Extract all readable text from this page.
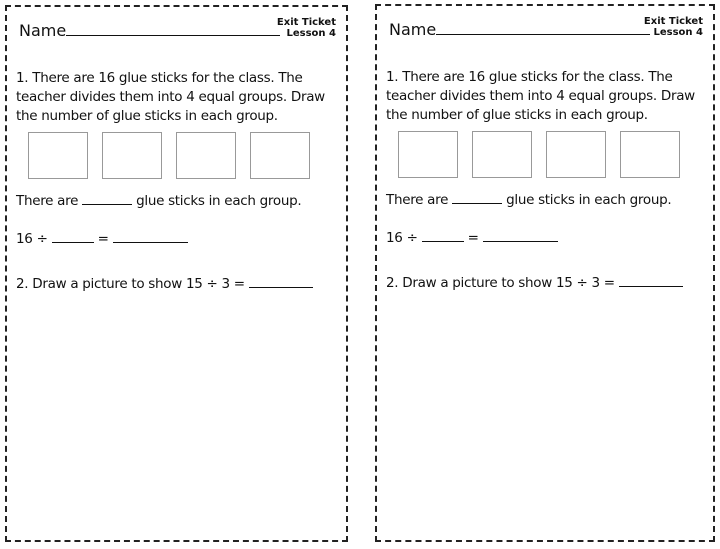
Name	Exit Ticket
Lesson 4
1. There are 16 glue sticks for the class. The teacher divides them into 4 equal groups. Draw the number of glue sticks in each group.
There are	glue sticks in each group.
16 ÷	=
2. Draw a picture to show 15 ÷ 3 =
Name	Exit Ticket
Lesson 4
1. There are 16 glue sticks for the class. The teacher divides them into 4 equal groups. Draw the number of glue sticks in each group.
There are	glue sticks in each group.
16 ÷	=
2. Draw a picture to show 15 ÷ 3 =
